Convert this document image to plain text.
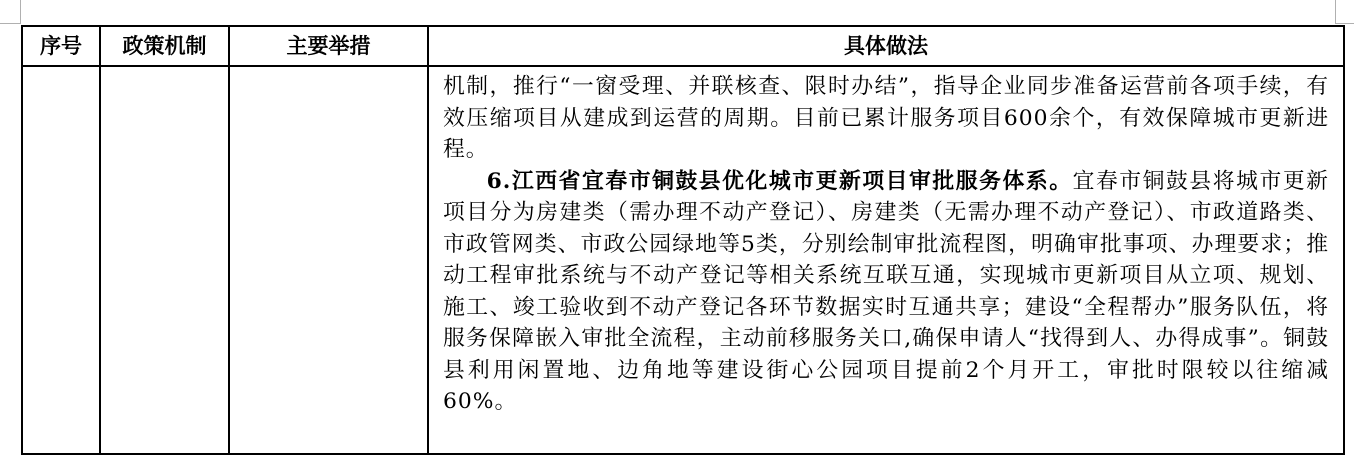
序号	政策机制	主要举措	具体做法

			机制，推行“一窗受理、并联核查、限时办结”，指导企业同步准备运营前各项手续，有效压缩项目从建成到运营的周期。目前已累计服务项目600余个，有效保障城市更新进程。

6.江西省宜春市铜鼓县优化城市更新项目审批服务体系。宜春市铜鼓县将城市更新项目分为房建类（需办理不动产登记）、房建类（无需办理不动产登记）、市政道路类、市政管网类、市政公园绿地等5类，分别绘制审批流程图，明确审批事项、办理要求；推动工程审批系统与不动产登记等相关系统互联互通，实现城市更新项目从立项、规划、施工、竣工验收到不动产登记各环节数据实时互通共享；建设“全程帮办”服务队伍，将服务保障嵌入审批全流程，主动前移服务关口,确保申请人“找得到人、办得成事”。铜鼓县利用闲置地、边角地等建设街心公园项目提前2个月开工，审批时限较以往缩减60%。
